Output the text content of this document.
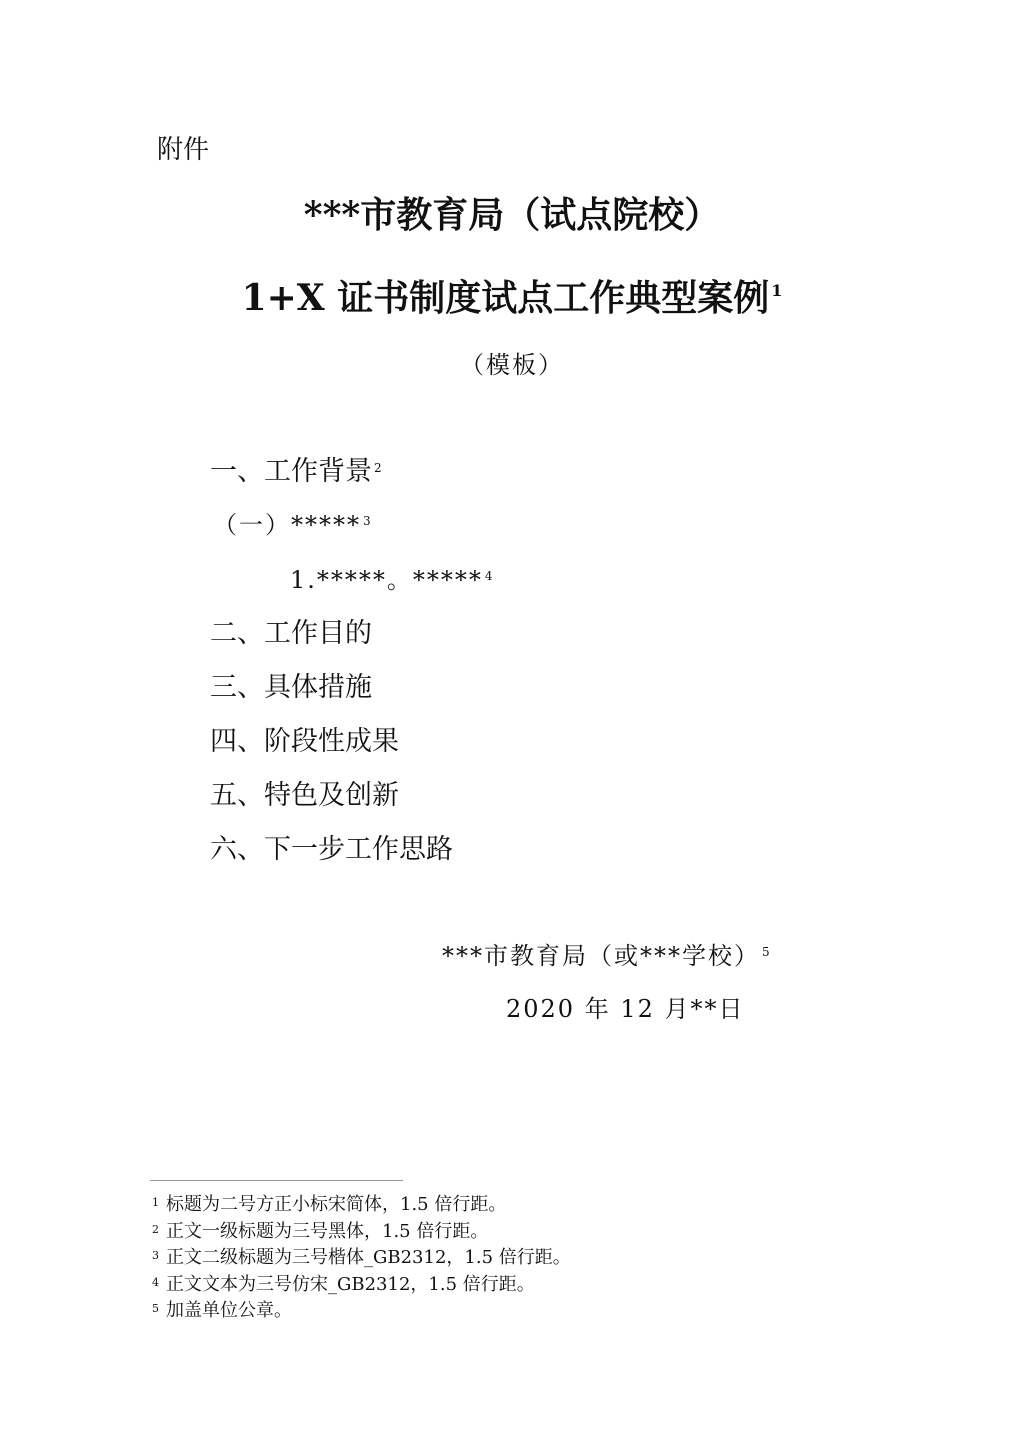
附件
***市教育局（试点院校）
1+X 证书制度试点工作典型案例 $^1$
（模板）
一、工作背景 $^2$
（一）***** $^3$
1.*****。***** $^4$
二、工作目的
三、具体措施
四、阶段性成果
五、特色及创新
六、下一步工作思路
***市教育局（或***学校） $^5$
2020 年 12 月**日
1 标题为二号方正小标宋简体，1.5 倍行距。
2 正文一级标题为三号黑体，1.5 倍行距。
3 正文二级标题为三号楷体_GB2312，1.5 倍行距。
4 正文文本为三号仿宋_GB2312，1.5 倍行距。
5 加盖单位公章。
